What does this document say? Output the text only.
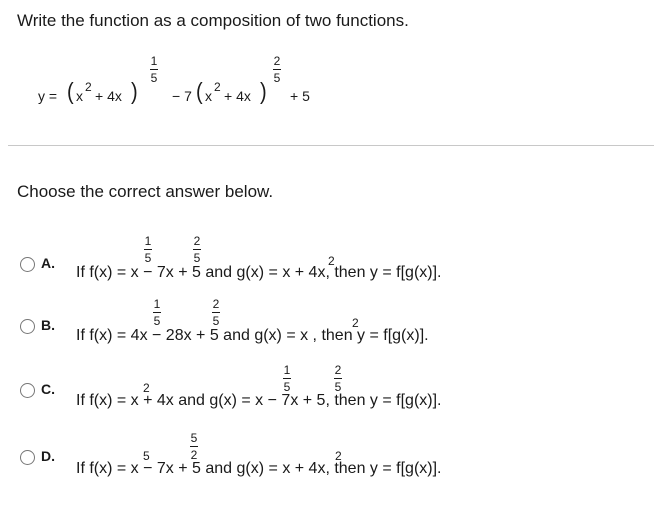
Write the function as a composition of two functions.
y = ( x
2
+ 4x )
1
5
− 7 ( x
2
+ 4x )
2
5
+ 5
Choose the correct answer below.
A.
If f(x) = x − 7x + 5 and g(x) = x + 4x, then y = f[g(x)].
1
5
2
5	2
B.
If f(x) = 4x − 28x + 5 and g(x) = x , then y = f[g(x)].
1
5
2
5	2
C.
If f(x) = x + 4x and g(x) = x − 7x + 5, then y = f[g(x)].
2
1
5
2
5
D.
If f(x) = x − 7x + 5 and g(x) = x + 4x, then y = f[g(x)].
5
5
2	2
